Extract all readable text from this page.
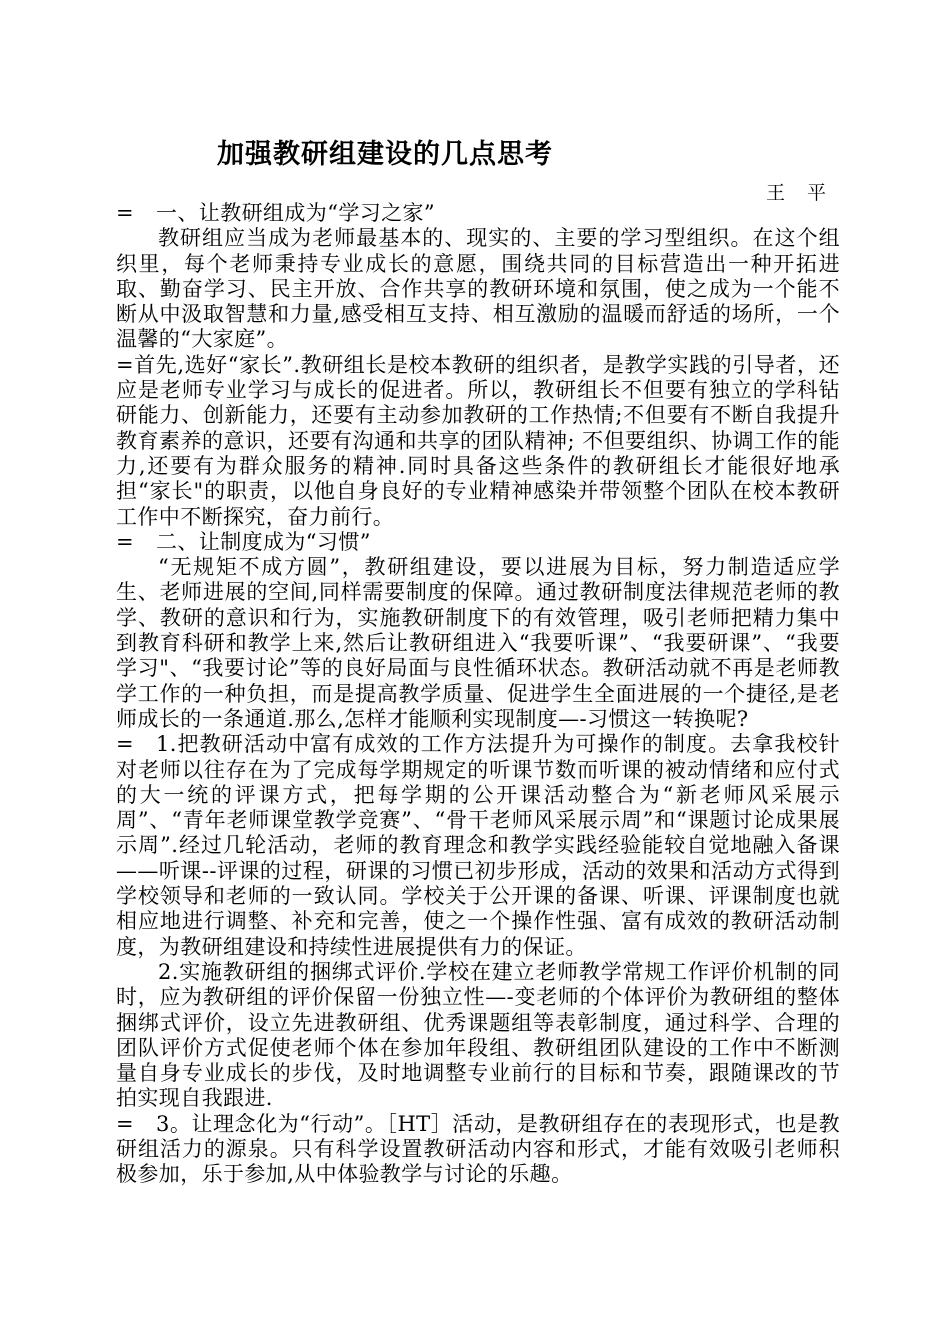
加强教研组建设的几点思考
王 平

= 一、让教研组成为“学习之家”

教研组应当成为老师最基本的、现实的、主要的学习型组织。在这个组织里，每个老师秉持专业成长的意愿，围绕共同的目标营造出一种开拓进取、勤奋学习、民主开放、合作共享的教研环境和氛围，使之成为一个能不断从中汲取智慧和力量,感受相互支持、相互激励的温暖而舒适的场所，一个温馨的“大家庭”。

=首先,选好“家长”.教研组长是校本教研的组织者，是教学实践的引导者，还应是老师专业学习与成长的促进者。所以，教研组长不但要有独立的学科钻研能力、创新能力，还要有主动参加教研的工作热情;不但要有不断自我提升教育素养的意识，还要有沟通和共享的团队精神; 不但要组织、协调工作的能力,还要有为群众服务的精神.同时具备这些条件的教研组长才能很好地承担“家长"的职责，以他自身良好的专业精神感染并带领整个团队在校本教研工作中不断探究，奋力前行。

= 二、让制度成为“习惯”

“无规矩不成方圆”，教研组建设，要以进展为目标，努力制造适应学生、老师进展的空间,同样需要制度的保障。通过教研制度法律规范老师的教学、教研的意识和行为，实施教研制度下的有效管理，吸引老师把精力集中到教育科研和教学上来,然后让教研组进入“我要听课”、“我要研课”、“我要学习"、“我要讨论”等的良好局面与良性循环状态。教研活动就不再是老师教学工作的一种负担，而是提高教学质量、促进学生全面进展的一个捷径,是老师成长的一条通道.那么,怎样才能顺利实现制度—-习惯这一转换呢?

= 1.把教研活动中富有成效的工作方法提升为可操作的制度。去拿我校针对老师以往存在为了完成每学期规定的听课节数而听课的被动情绪和应付式的大一统的评课方式，把每学期的公开课活动整合为“新老师风采展示周”、“青年老师课堂教学竞赛”、“骨干老师风采展示周”和“课题讨论成果展示周”.经过几轮活动，老师的教育理念和教学实践经验能较自觉地融入备课——听课--评课的过程，研课的习惯已初步形成，活动的效果和活动方式得到学校领导和老师的一致认同。学校关于公开课的备课、听课、评课制度也就相应地进行调整、补充和完善，使之一个操作性强、富有成效的教研活动制度，为教研组建设和持续性进展提供有力的保证。

2.实施教研组的捆绑式评价.学校在建立老师教学常规工作评价机制的同时，应为教研组的评价保留一份独立性—-变老师的个体评价为教研组的整体捆绑式评价，设立先进教研组、优秀课题组等表彰制度，通过科学、合理的团队评价方式促使老师个体在参加年段组、教研组团队建设的工作中不断测量自身专业成长的步伐，及时地调整专业前行的目标和节奏，跟随课改的节拍实现自我跟进.

= 3。让理念化为“行动”。［HT］活动，是教研组存在的表现形式，也是教研组活力的源泉。只有科学设置教研活动内容和形式，才能有效吸引老师积极参加，乐于参加,从中体验教学与讨论的乐趣。
